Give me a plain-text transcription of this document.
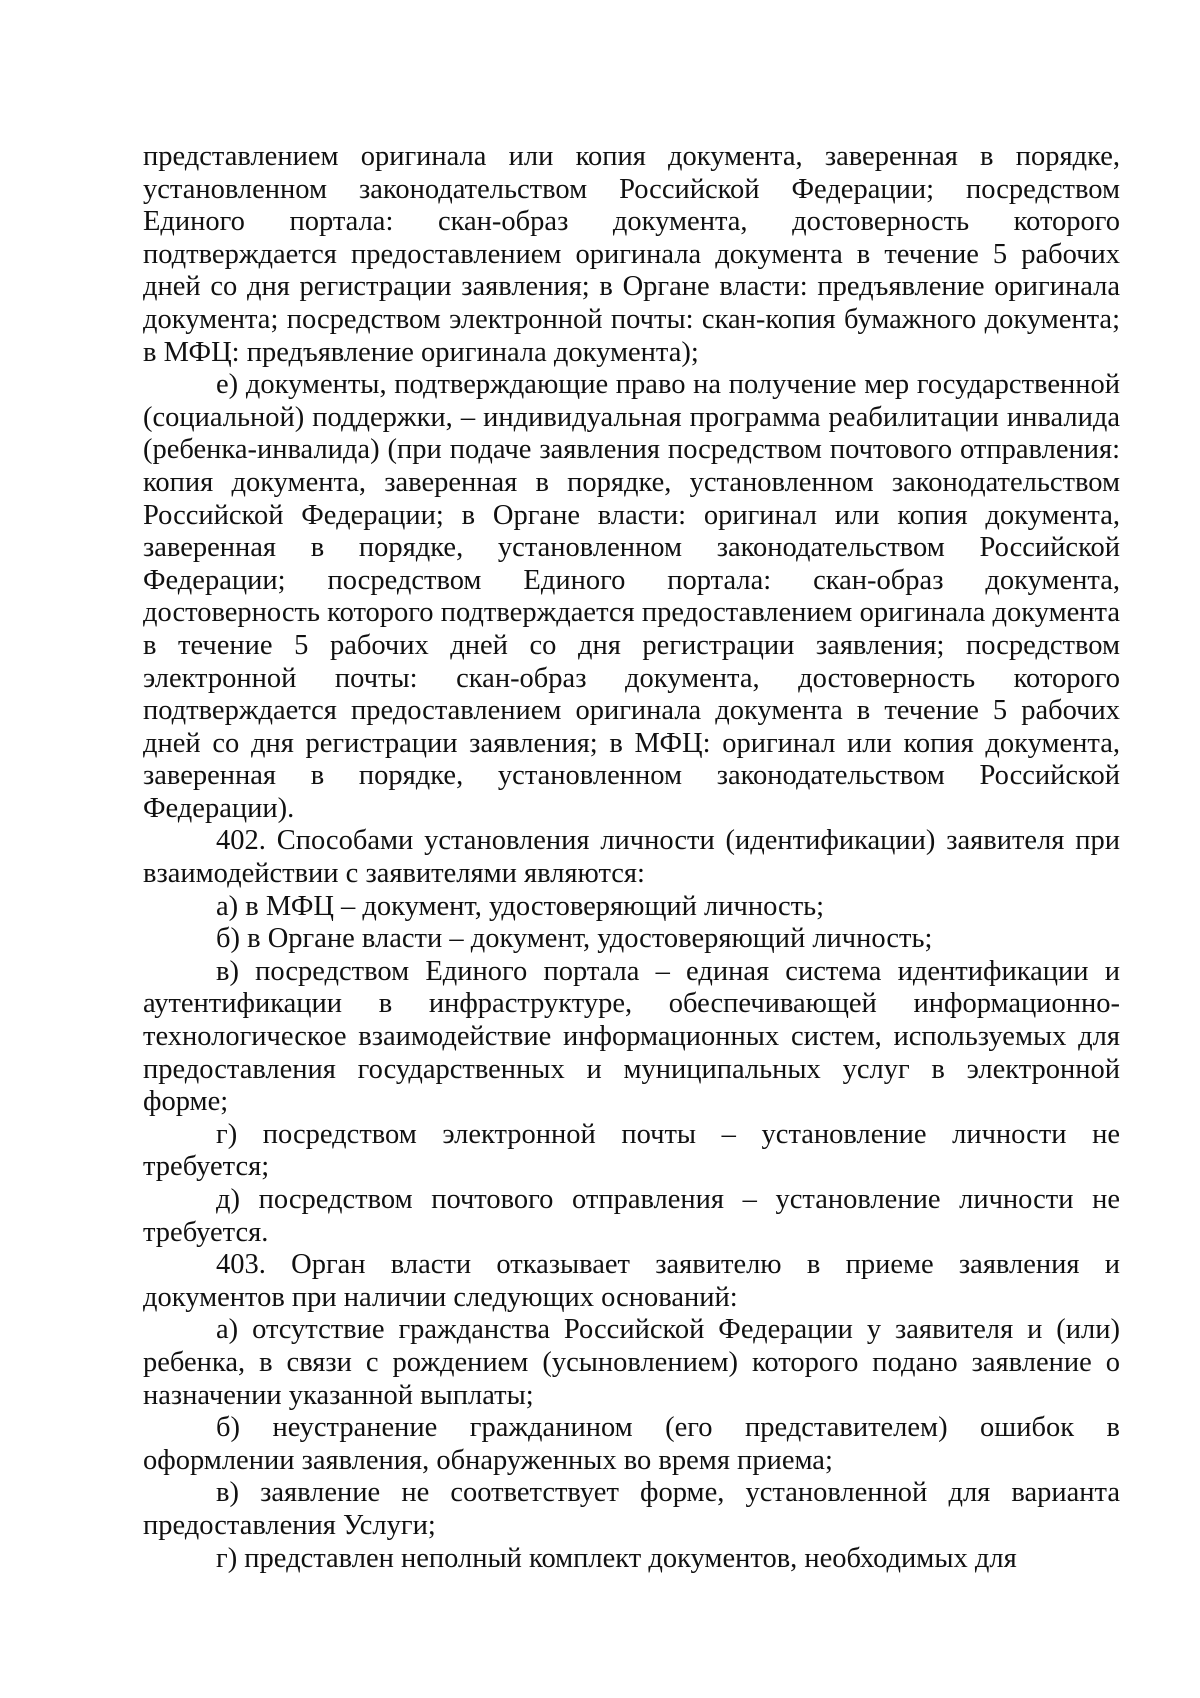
представлением оригинала или копия документа, заверенная в порядке, установленном законодательством Российской Федерации; посредством Единого портала: скан-образ документа, достоверность которого подтверждается предоставлением оригинала документа в течение 5 рабочих дней со дня регистрации заявления; в Органе власти: предъявление оригинала документа; посредством электронной почты: скан-копия бумажного документа; в МФЦ: предъявление оригинала документа);

е) документы, подтверждающие право на получение мер государственной (социальной) поддержки, – индивидуальная программа реабилитации инвалида (ребенка-инвалида) (при подаче заявления посредством почтового отправления: копия документа, заверенная в порядке, установленном законодательством Российской Федерации; в Органе власти: оригинал или копия документа, заверенная в порядке, установленном законодательством Российской Федерации; посредством Единого портала: скан-образ документа, достоверность которого подтверждается предоставлением оригинала документа в течение 5 рабочих дней со дня регистрации заявления; посредством электронной почты: скан-образ документа, достоверность которого подтверждается предоставлением оригинала документа в течение 5 рабочих дней со дня регистрации заявления; в МФЦ: оригинал или копия документа, заверенная в порядке, установленном законодательством Российской Федерации).

402. Способами установления личности (идентификации) заявителя при взаимодействии с заявителями являются:

а) в МФЦ – документ, удостоверяющий личность;

б) в Органе власти – документ, удостоверяющий личность;

в) посредством Единого портала – единая система идентификации и аутентификации в инфраструктуре, обеспечивающей информационно-технологическое взаимодействие информационных систем, используемых для предоставления государственных и муниципальных услуг в электронной форме;

г) посредством электронной почты – установление личности не требуется;

д) посредством почтового отправления – установление личности не требуется.

403. Орган власти отказывает заявителю в приеме заявления и документов при наличии следующих оснований:

а) отсутствие гражданства Российской Федерации у заявителя и (или) ребенка, в связи с рождением (усыновлением) которого подано заявление о назначении указанной выплаты;

б) неустранение гражданином (его представителем) ошибок в оформлении заявления, обнаруженных во время приема;

в) заявление не соответствует форме, установленной для варианта предоставления Услуги;

г) представлен неполный комплект документов, необходимых для
